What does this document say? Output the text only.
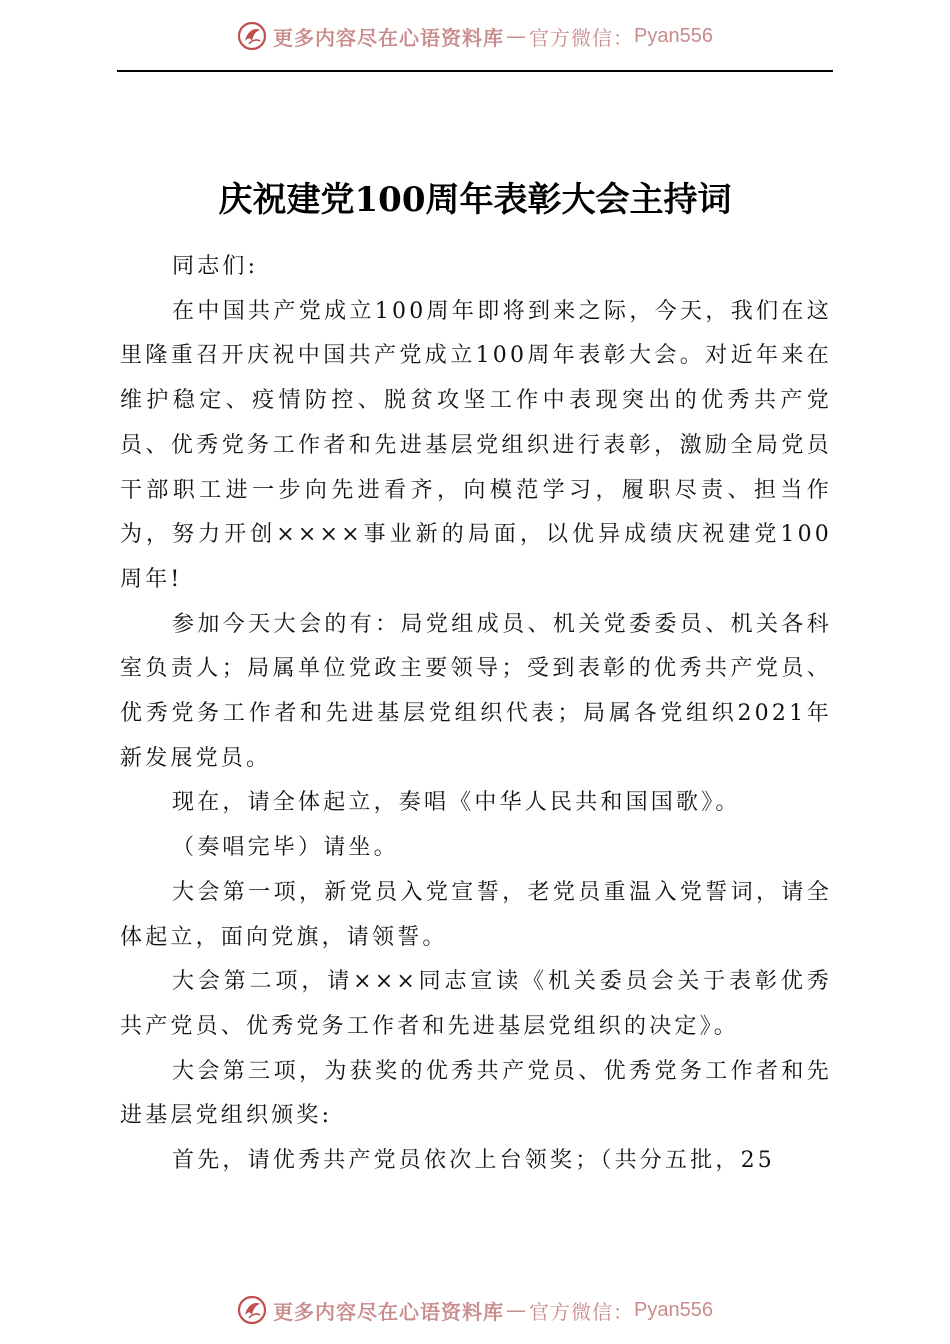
更多内容尽在心语资料库 — 官方微信： Pyan556
庆祝建党100周年表彰大会主持词

同志们:

在中国共产党成立100周年即将到来之际，今天，我们在这里隆重召开庆祝中国共产党成立100周年表彰大会。对近年来在维护稳定、疫情防控、脱贫攻坚工作中表现突出的优秀共产党员、优秀党务工作者和先进基层党组织进行表彰，激励全局党员干部职工进一步向先进看齐，向模范学习，履职尽责、担当作为，努力开创××××事业新的局面，以优异成绩庆祝建党100周年!

参加今天大会的有：局党组成员、机关党委委员、机关各科室负责人；局属单位党政主要领导；受到表彰的优秀共产党员、优秀党务工作者和先进基层党组织代表；局属各党组织2021年新发展党员。

现在，请全体起立，奏唱《中华人民共和国国歌》。

（奏唱完毕）请坐。

大会第一项，新党员入党宣誓，老党员重温入党誓词，请全体起立，面向党旗，请领誓。

大会第二项，请×××同志宣读《机关委员会关于表彰优秀共产党员、优秀党务工作者和先进基层党组织的决定》。

大会第三项，为获奖的优秀共产党员、优秀党务工作者和先进基层党组织颁奖:

首先，请优秀共产党员依次上台领奖；（共分五批，25

更多内容尽在心语资料库 — 官方微信： Pyan556
